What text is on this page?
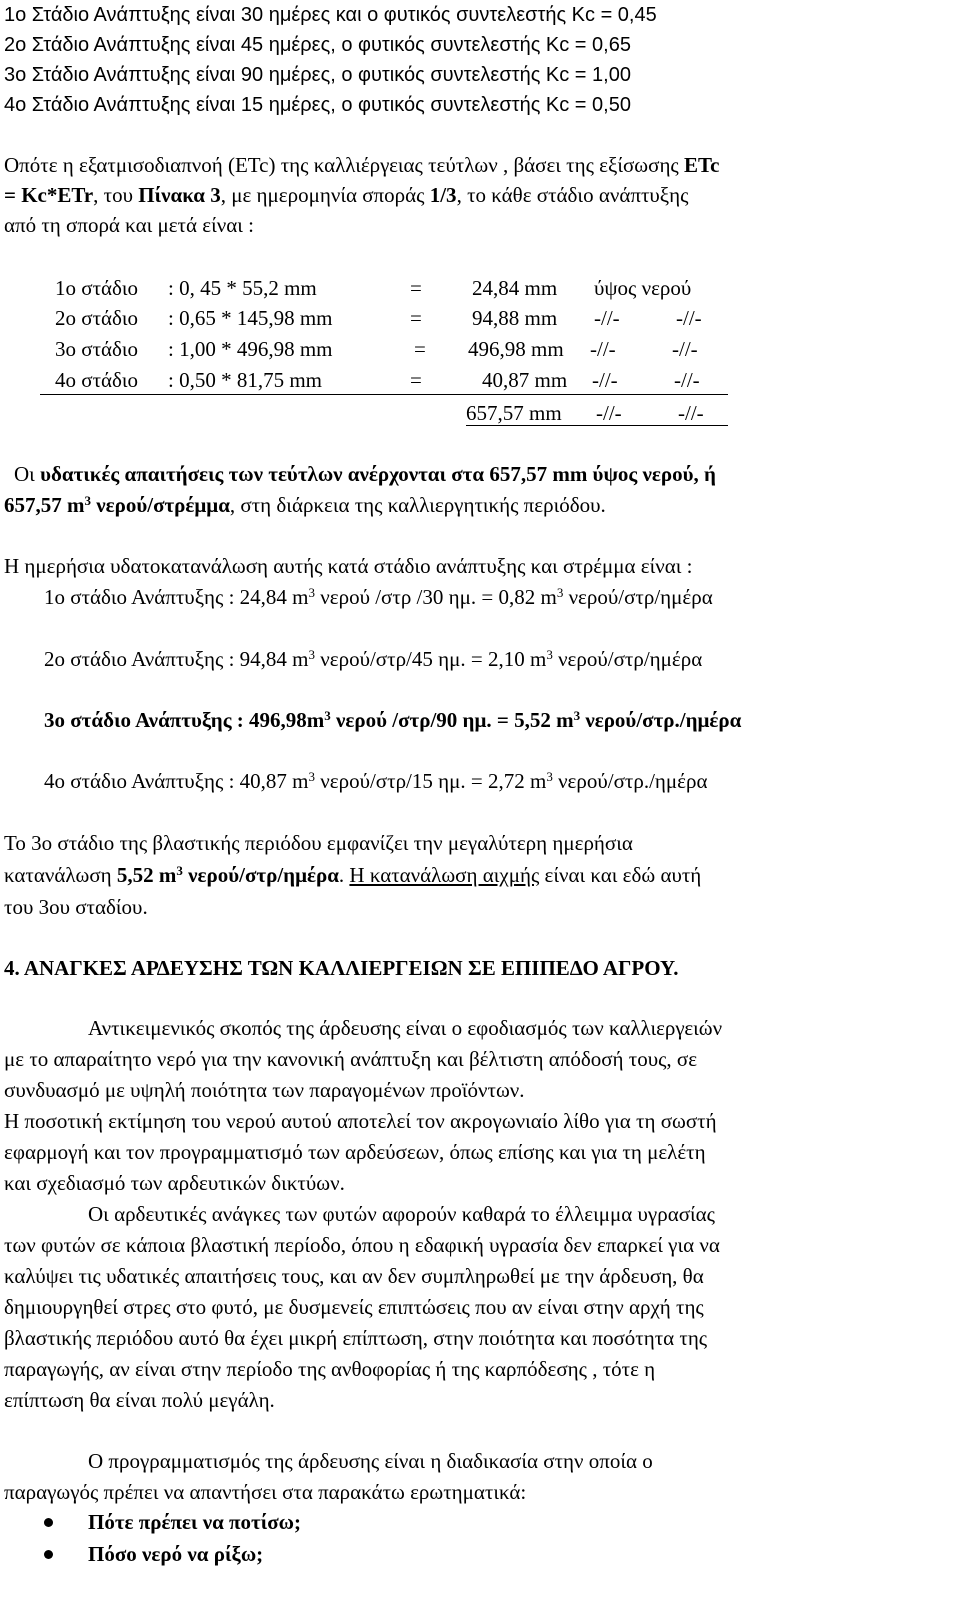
1ο Στάδιο Ανάπτυξης είναι 30 ημέρες και ο φυτικός συντελεστής Kc = 0,45
2ο Στάδιο Ανάπτυξης είναι 45 ημέρες, ο φυτικός συντελεστής Kc = 0,65
3ο Στάδιο Ανάπτυξης είναι 90 ημέρες, ο φυτικός συντελεστής Kc = 1,00
4ο Στάδιο Ανάπτυξης είναι 15 ημέρες, ο φυτικός συντελεστής Kc = 0,50
Οπότε η εξατμισοδιαπνοή (ETc) της καλλιέργειας τεύτλων , βάσει της εξίσωσης ETc
= Kc*ETr, του Πίνακα 3, με ημερομηνία σποράς 1/3, το κάθε στάδιο ανάπτυξης
από τη σπορά και μετά είναι :
1ο στάδιο : 0, 45 * 55,2 mm	= 24,84 mm ύψος νερού
2ο στάδιο : 0,65 * 145,98 mm	= 94,88 mm -//-	-//-
3ο στάδιο : 1,00 * 496,98 mm	= 496,98 mm -//-	-//-
4ο στάδιο : 0,50 * 81,75 mm	=	40,87 mm -//-	-//-
657,57 mm -//-	-//-
Οι υδατικές απαιτήσεις των τεύτλων ανέρχονται στα 657,57 mm ύψος νερού, ή
657,57 $m^3$ νερού/στρέμμα, στη διάρκεια της καλλιεργητικής περιόδου.
Η ημερήσια υδατοκατανάλωση αυτής κατά στάδιο ανάπτυξης και στρέμμα είναι :
1ο στάδιο Ανάπτυξης : 24,84 $m^3$ νερού /στρ /30 ημ. = 0,82 $m^3$ νερού/στρ/ημέρα
2ο στάδιο Ανάπτυξης : 94,84 $m^3$ νερού/στρ/45 ημ. = 2,10 $m^3$ νερού/στρ/ημέρα
3ο στάδιο Ανάπτυξης : $496,98m^3$ νερού /στρ/90 ημ. = 5,52 $m^3$ νερού/στρ./ημέρα
4ο στάδιο Ανάπτυξης : 40,87 $m^3$ νερού/στρ/15 ημ. = 2,72 $m^3$ νερού/στρ./ημέρα
Το 3ο στάδιο της βλαστικής περιόδου εμφανίζει την μεγαλύτερη ημερήσια
κατανάλωση 5,52 $m^3$ νερού/στρ/ημέρα. Η κατανάλωση αιχμής είναι και εδώ αυτή
του 3ου σταδίου.
4. ΑΝΑΓΚΕΣ ΑΡΔΕΥΣΗΣ ΤΩΝ ΚΑΛΛΙΕΡΓΕΙΩΝ ΣΕ ΕΠΙΠΕΔΟ ΑΓΡΟΥ.
Αντικειμενικός σκοπός της άρδευσης είναι ο εφοδιασμός των καλλιεργειών
με το απαραίτητο νερό για την κανονική ανάπτυξη και βέλτιστη απόδοσή τους, σε
συνδυασμό με υψηλή ποιότητα των παραγομένων προϊόντων.
Η ποσοτική εκτίμηση του νερού αυτού αποτελεί τον ακρογωνιαίο λίθο για τη σωστή
εφαρμογή και τον προγραμματισμό των αρδεύσεων, όπως επίσης και για τη μελέτη
και σχεδιασμό των αρδευτικών δικτύων.
Οι αρδευτικές ανάγκες των φυτών αφορούν καθαρά το έλλειμμα υγρασίας
των φυτών σε κάποια βλαστική περίοδο, όπου η εδαφική υγρασία δεν επαρκεί για να
καλύψει τις υδατικές απαιτήσεις τους, και αν δεν συμπληρωθεί με την άρδευση, θα
δημιουργηθεί στρες στο φυτό, με δυσμενείς επιπτώσεις που αν είναι στην αρχή της
βλαστικής περιόδου αυτό θα έχει μικρή επίπτωση, στην ποιότητα και ποσότητα της
παραγωγής, αν είναι στην περίοδο της ανθοφορίας ή της καρπόδεσης , τότε η
επίπτωση θα είναι πολύ μεγάλη.
Ο προγραμματισμός της άρδευσης είναι η διαδικασία στην οποία ο
παραγωγός πρέπει να απαντήσει στα παρακάτω ερωτηματικά:
Πότε πρέπει να ποτίσω;
Πόσο νερό να ρίξω;
